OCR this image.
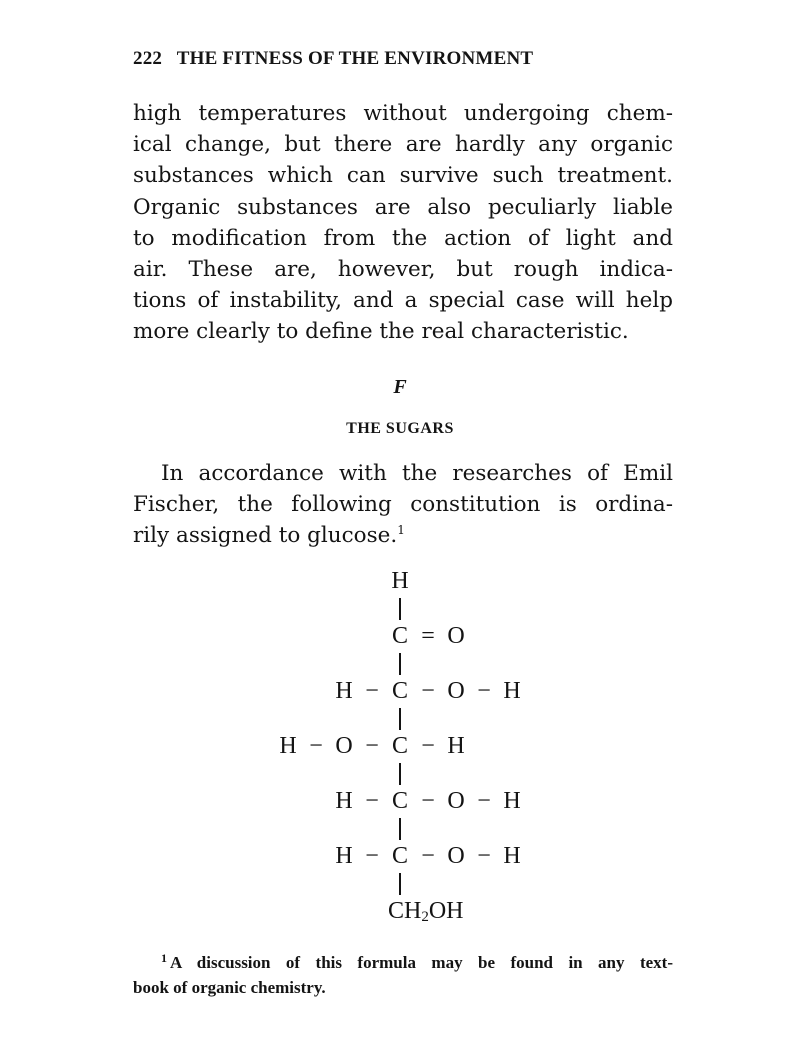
222 THE FITNESS OF THE ENVIRONMENT
high temperatures without undergoing chem-
ical change, but there are hardly any organic
substances which can survive such treatment.
Organic substances are also peculiarly liable
to modification from the action of light and
air. These are, however, but rough indica-
tions of instability, and a special case will help
more clearly to define the real characteristic.
F
THE SUGARS
In accordance with the researches of Emil
Fischer, the following constitution is ordina-
rily assigned to glucose.$^1$
H
C = O
H − C − O − H
H − O − C − H
H − C − O − H
H − C − O − H
$CH_2OH$
$^1$ A discussion of this formula may be found in any text-
book of organic chemistry.
